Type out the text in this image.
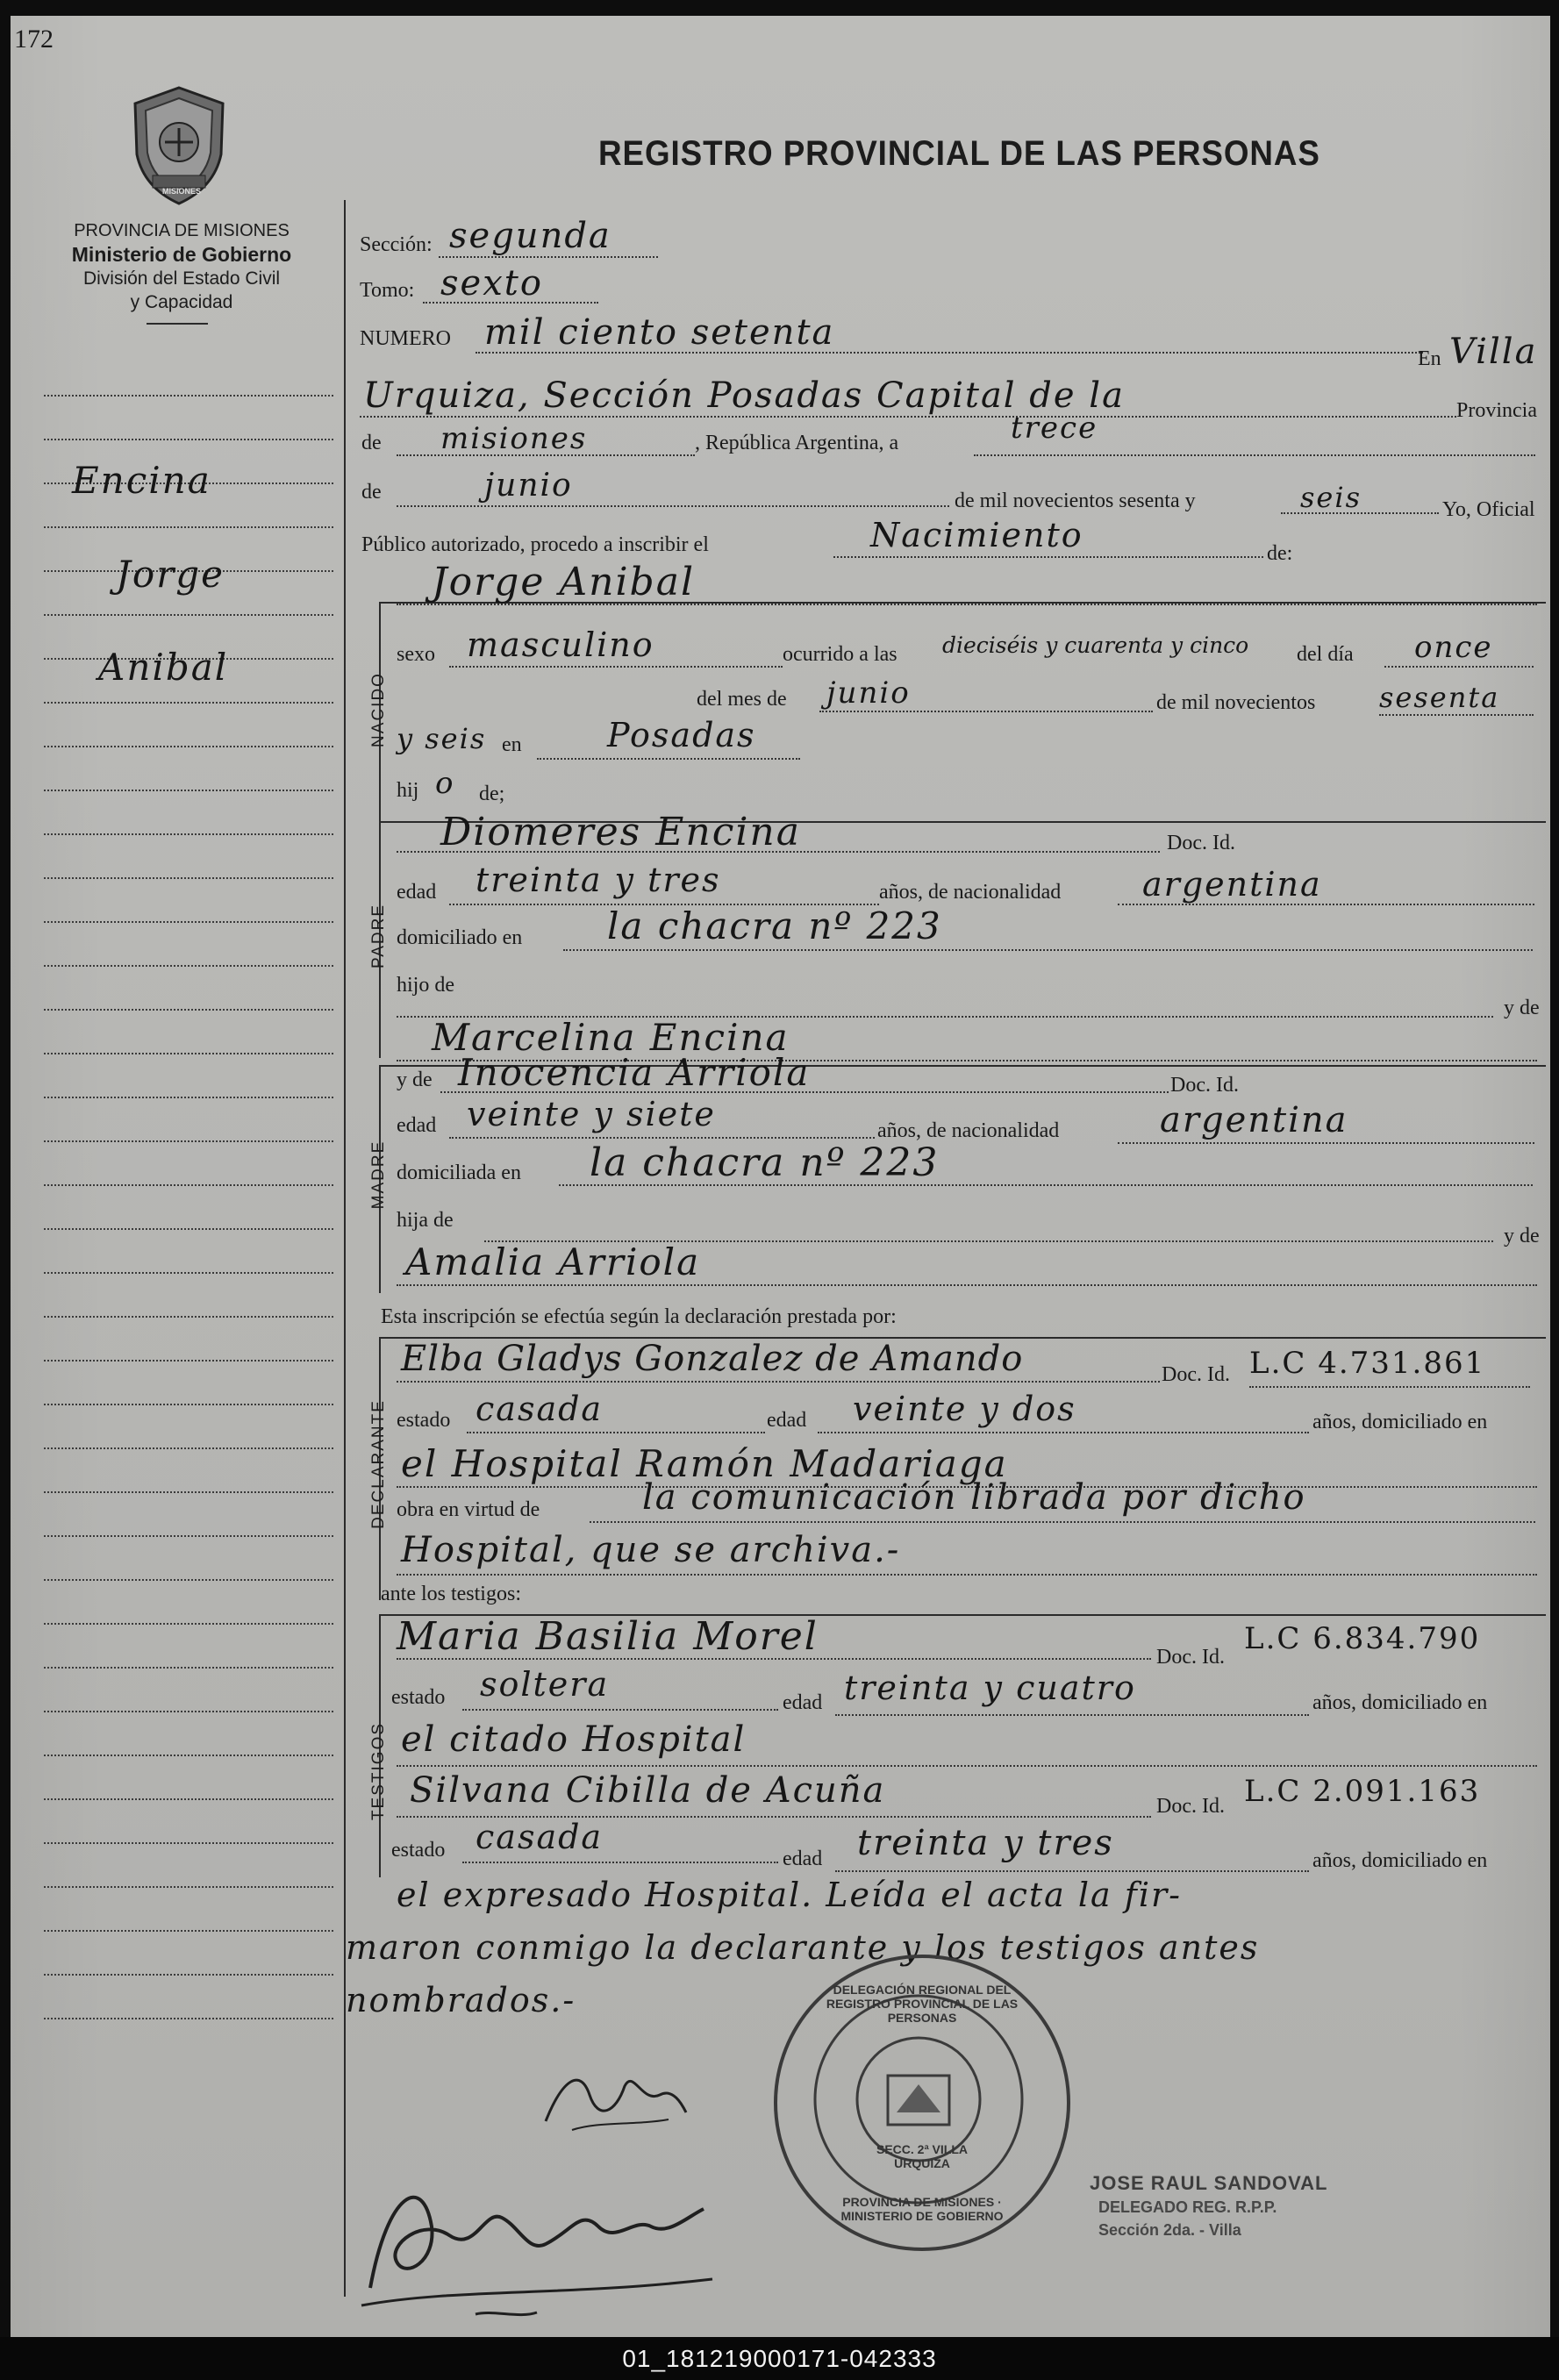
172
MISIONES
PROVINCIA DE MISIONES
Ministerio de Gobierno
División del Estado Civil
y Capacidad
REGISTRO PROVINCIAL DE LAS PERSONAS
Encina
Jorge
Anibal
Sección: segunda
Tomo: sexto
NUMERO mil ciento setenta
En Villa
Urquiza, Sección Posadas Capital de la	Provincia
de misiones	, República Argentina, a	trece
de	junio	de mil novecientos sesenta y	seis	Yo, Oficial
Público autorizado, procedo a inscribir el	Nacimiento	de:
NACIDO
Jorge Anibal
sexo masculino	ocurrido a las dieciséis y cuarenta y cinco del día once
del mes de junio	de mil novecientos sesenta
y seis en	Posadas
hij o de;
PADRE
Diomeres Encina	Doc. Id.
edad treinta y tres	años, de nacionalidad argentina
domiciliado en la chacra nº 223
hijo de
y de
Marcelina Encina
MADRE
y de Inocencia Arriola	Doc. Id.
edad veinte y siete	años, de nacionalidad	argentina
domiciliada en la chacra nº 223
hija de
y de
Amalia Arriola
Esta inscripción se efectúa según la declaración prestada por:
DECLARANTE
Elba Gladys Gonzalez de Amando	Doc. Id. L.C 4.731.861
estado casada	edad veinte y dos	años, domiciliado en
el Hospital Ramón Madariaga
obra en virtud de	la comunicación librada por dicho
Hospital, que se archiva.-
ante los testigos:
TESTIGOS
Maria Basilia Morel	Doc. Id.
L.C 6.834.790
estado soltera	edad treinta y cuatro	años, domiciliado en
el citado Hospital
Silvana Cibilla de Acuña	Doc. Id. L.C 2.091.163
estado casada
edad treinta y tres	años, domiciliado en
el expresado Hospital. Leída el acta la fir-
maron conmigo la declarante y los testigos antes
nombrados.-	DELEGACIÓN REGIONAL DEL REGISTRO PROVINCIAL DE LAS PERSONAS
SECC. 2ª VILLA URQUIZA
PROVINCIA DE MISIONES · MINISTERIO DE GOBIERNO
JOSE RAUL SANDOVAL
DELEGADO REG. R.P.P.
Sección 2da. - Villa
01_181219000171-042333
